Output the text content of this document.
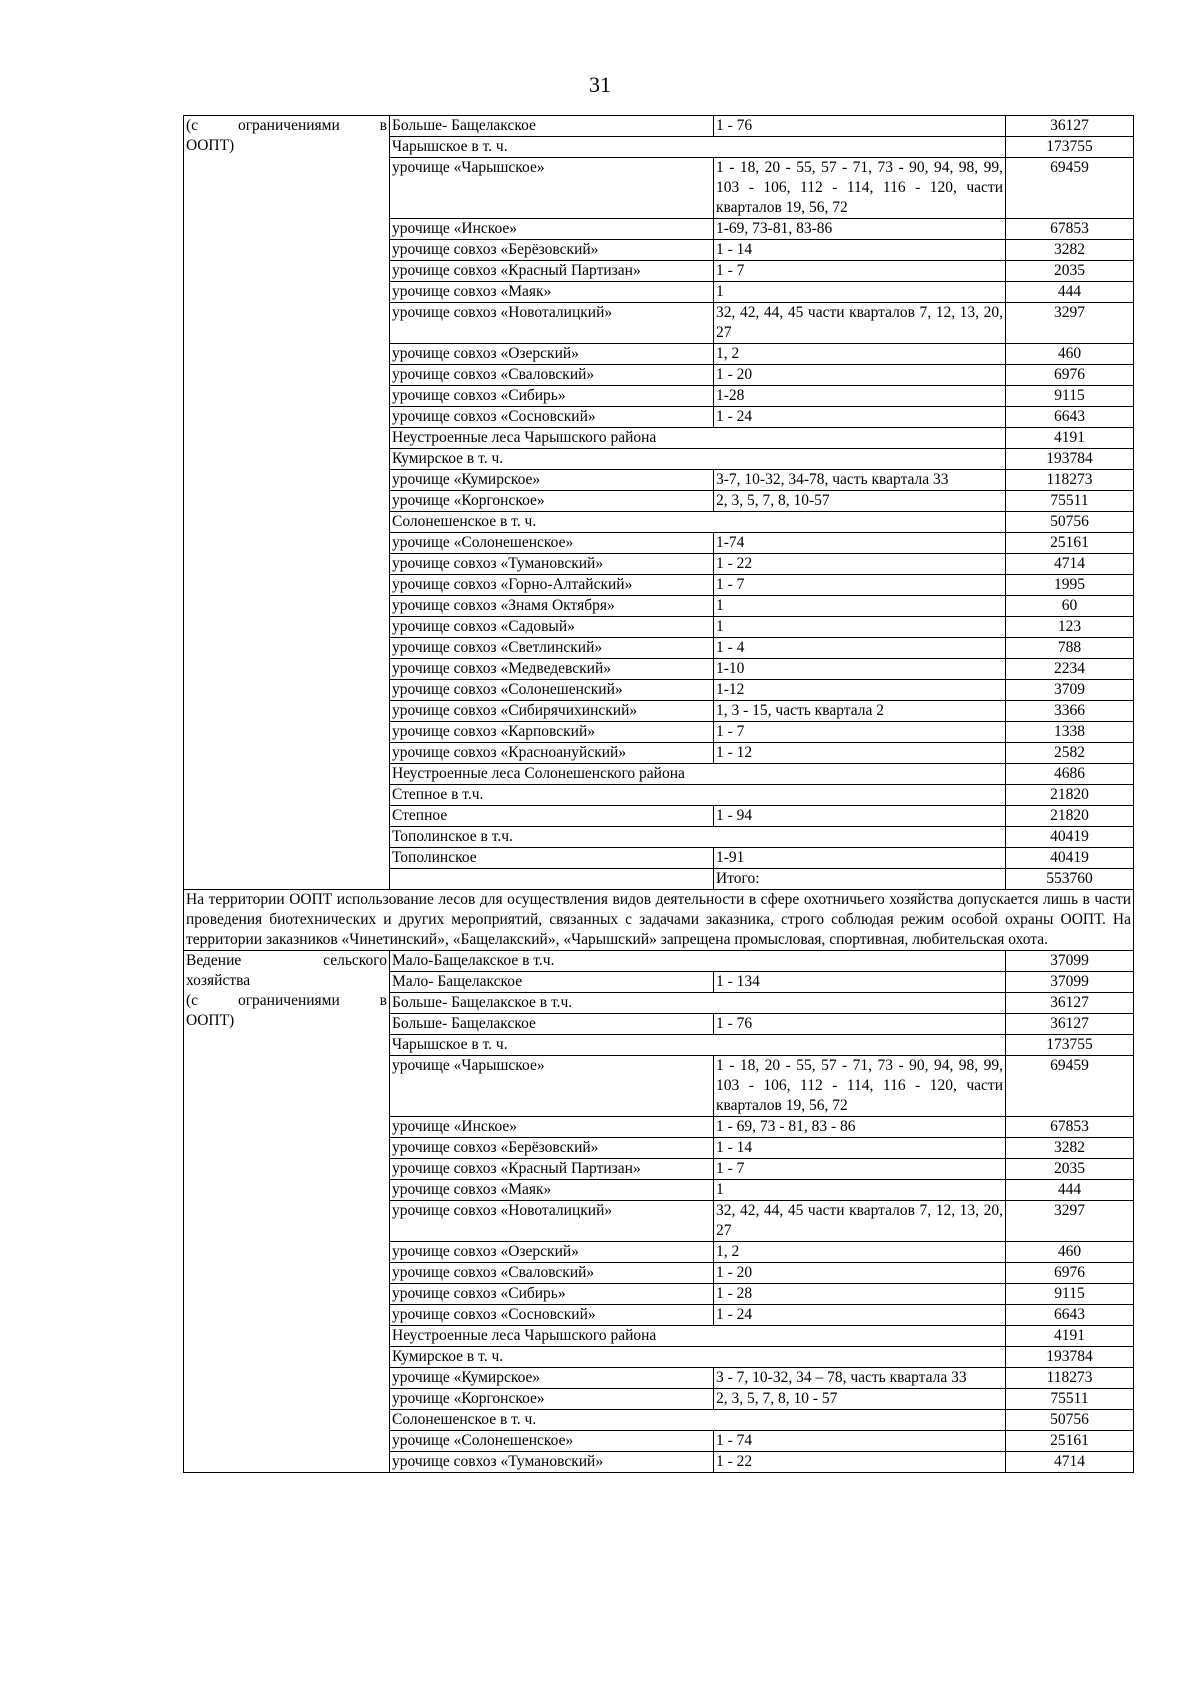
31
(с ограничениями в
ООПТ)	Больше- Бащелакское	1 - 76	36127
	Чарышское в т. ч.		173755
	урочище «Чарышское»	1 - 18, 20 - 55, 57 - 71, 73 - 90, 94, 98, 99, 103 - 106, 112 - 114, 116 - 120, части кварталов 19, 56, 72	69459
	урочище «Инское»	1-69, 73-81, 83-86	67853
	урочище совхоз «Берёзовский»	1 - 14	3282
	урочище совхоз «Красный Партизан»	1 - 7	2035
	урочище совхоз «Маяк»	1	444
	урочище совхоз «Новоталицкий»	32, 42, 44, 45 части кварталов 7, 12, 13, 20, 27	3297
	урочище совхоз «Озерский»	1, 2	460
	урочище совхоз «Сваловский»	1 - 20	6976
	урочище совхоз «Сибирь»	1-28	9115
	урочище совхоз «Сосновский»	1 - 24	6643
	Неустроенные леса Чарышского района		4191
	Кумирское в т. ч.		193784
	урочище «Кумирское»	3-7, 10-32, 34-78, часть квартала 33	118273
	урочище «Коргонское»	2, 3, 5, 7, 8, 10-57	75511
	Солонешенское в т. ч.		50756
	урочище «Солонешенское»	1-74	25161
	урочище совхоз «Тумановский»	1 - 22	4714
	урочище совхоз «Горно-Алтайский»	1 - 7	1995
	урочище совхоз «Знамя Октября»	1	60
	урочище совхоз «Садовый»	1	123
	урочище совхоз «Светлинский»	1 - 4	788
	урочище совхоз «Медведевский»	1-10	2234
	урочище совхоз «Солонешенский»	1-12	3709
	урочище совхоз «Сибирячихинский»	1, 3 - 15, часть квартала 2	3366
	урочище совхоз «Карповский»	1 - 7	1338
	урочище совхоз «Красноануйский»	1 - 12	2582
	Неустроенные леса Солонешенского района		4686
	Степное в т.ч.		21820
	Степное	1 - 94	21820
	Тополинское в т.ч.		40419
	Тополинское	1-91	40419
		Итого:	553760
На территории ООПТ использование лесов для осуществления видов деятельности в сфере охотничьего хозяйства допускается лишь в части проведения биотехнических и других мероприятий, связанных с задачами заказника, строго соблюдая режим особой охраны ООПТ. На территории заказников «Чинетинский», «Бащелакский», «Чарышский» запрещена промысловая, спортивная, любительская охота.			

Ведение сельского
хозяйства
(с ограничениями в
ООПТ)	Мало-Бащелакское в т.ч.		37099
	Мало- Бащелакское	1 - 134	37099
	Больше- Бащелакское в т.ч.		36127
	Больше- Бащелакское	1 - 76	36127
	Чарышское в т. ч.		173755
	урочище «Чарышское»	1 - 18, 20 - 55, 57 - 71, 73 - 90, 94, 98, 99, 103 - 106, 112 - 114, 116 - 120, части кварталов 19, 56, 72	69459
	урочище «Инское»	1 - 69, 73 - 81, 83 - 86	67853
	урочище совхоз «Берёзовский»	1 - 14	3282
	урочище совхоз «Красный Партизан»	1 - 7	2035
	урочище совхоз «Маяк»	1	444
	урочище совхоз «Новоталицкий»	32, 42, 44, 45 части кварталов 7, 12, 13, 20, 27	3297
	урочище совхоз «Озерский»	1, 2	460
	урочище совхоз «Сваловский»	1 - 20	6976
	урочище совхоз «Сибирь»	1 - 28	9115
	урочище совхоз «Сосновский»	1 - 24	6643
	Неустроенные леса Чарышского района		4191
	Кумирское в т. ч.		193784
	урочище «Кумирское»	3 - 7, 10-32, 34 – 78, часть квартала 33	118273
	урочище «Коргонское»	2, 3, 5, 7, 8, 10 - 57	75511
	Солонешенское в т. ч.		50756
	урочище «Солонешенское»	1 - 74	25161
	урочище совхоз «Тумановский»	1 - 22	4714
